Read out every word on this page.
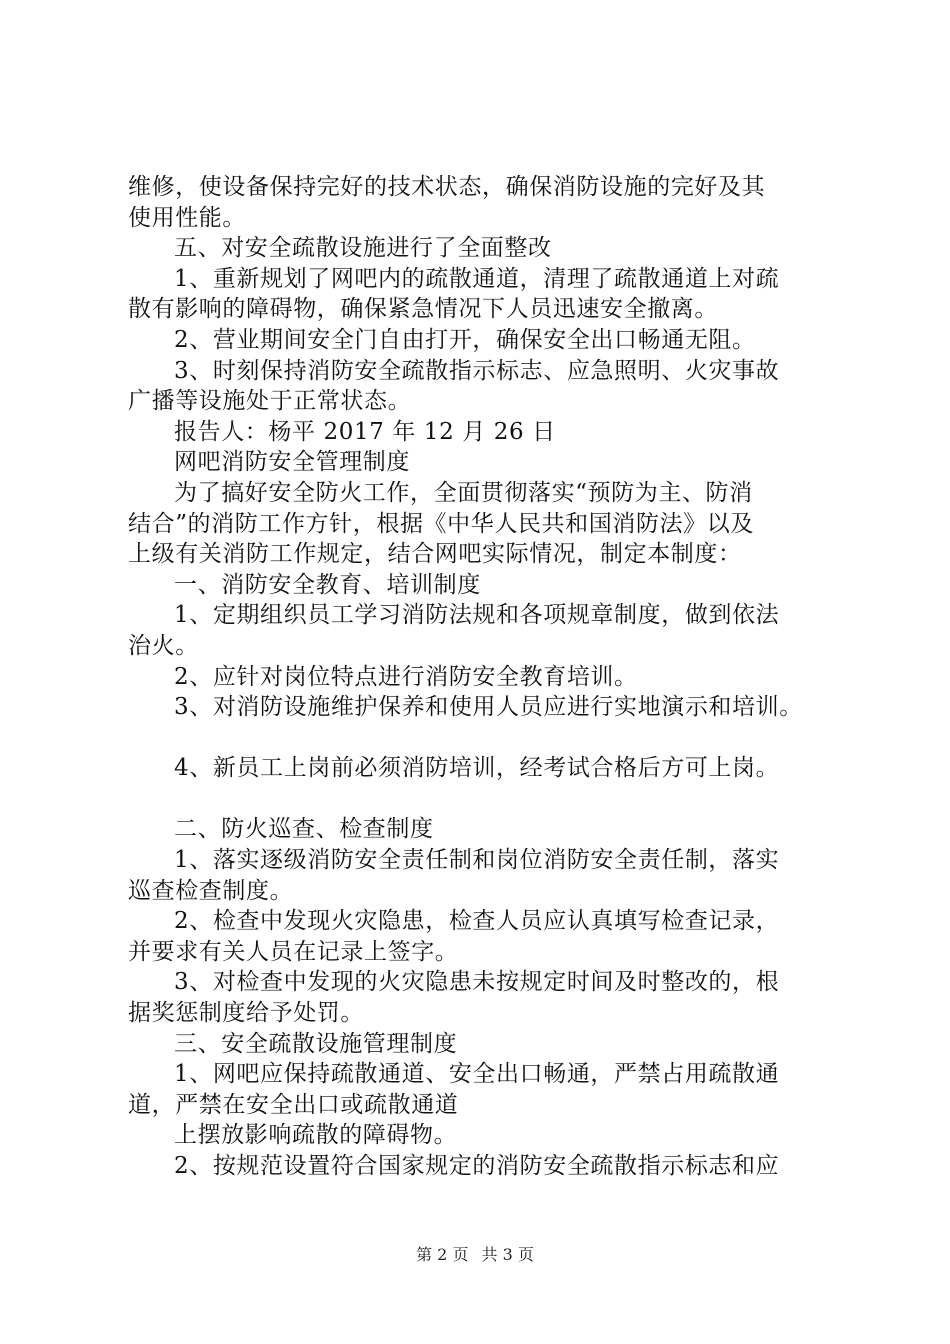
维修，使设备保持完好的技术状态，确保消防设施的完好及其
使用性能。
五、对安全疏散设施进行了全面整改
1、重新规划了网吧内的疏散通道，清理了疏散通道上对疏
散有影响的障碍物，确保紧急情况下人员迅速安全撤离。
2、营业期间安全门自由打开，确保安全出口畅通无阻。
3、时刻保持消防安全疏散指示标志、应急照明、火灾事故
广播等设施处于正常状态。
报告人：杨平 2017 年 12 月 26 日
网吧消防安全管理制度
为了搞好安全防火工作，全面贯彻落实“预防为主、防消
结合”的消防工作方针，根据《中华人民共和国消防法》以及
上级有关消防工作规定，结合网吧实际情况，制定本制度：
一、消防安全教育、培训制度
1、定期组织员工学习消防法规和各项规章制度，做到依法
治火。
2、应针对岗位特点进行消防安全教育培训。
3、对消防设施维护保养和使用人员应进行实地演示和培训。
4、新员工上岗前必须消防培训，经考试合格后方可上岗。
二、防火巡查、检查制度
1、落实逐级消防安全责任制和岗位消防安全责任制，落实
巡查检查制度。
2、检查中发现火灾隐患，检查人员应认真填写检查记录，
并要求有关人员在记录上签字。
3、对检查中发现的火灾隐患未按规定时间及时整改的，根
据奖惩制度给予处罚。
三、安全疏散设施管理制度
1、网吧应保持疏散通道、安全出口畅通，严禁占用疏散通
道，严禁在安全出口或疏散通道
上摆放影响疏散的障碍物。
2、按规范设置符合国家规定的消防安全疏散指示标志和应
第 2 页 共 3 页
